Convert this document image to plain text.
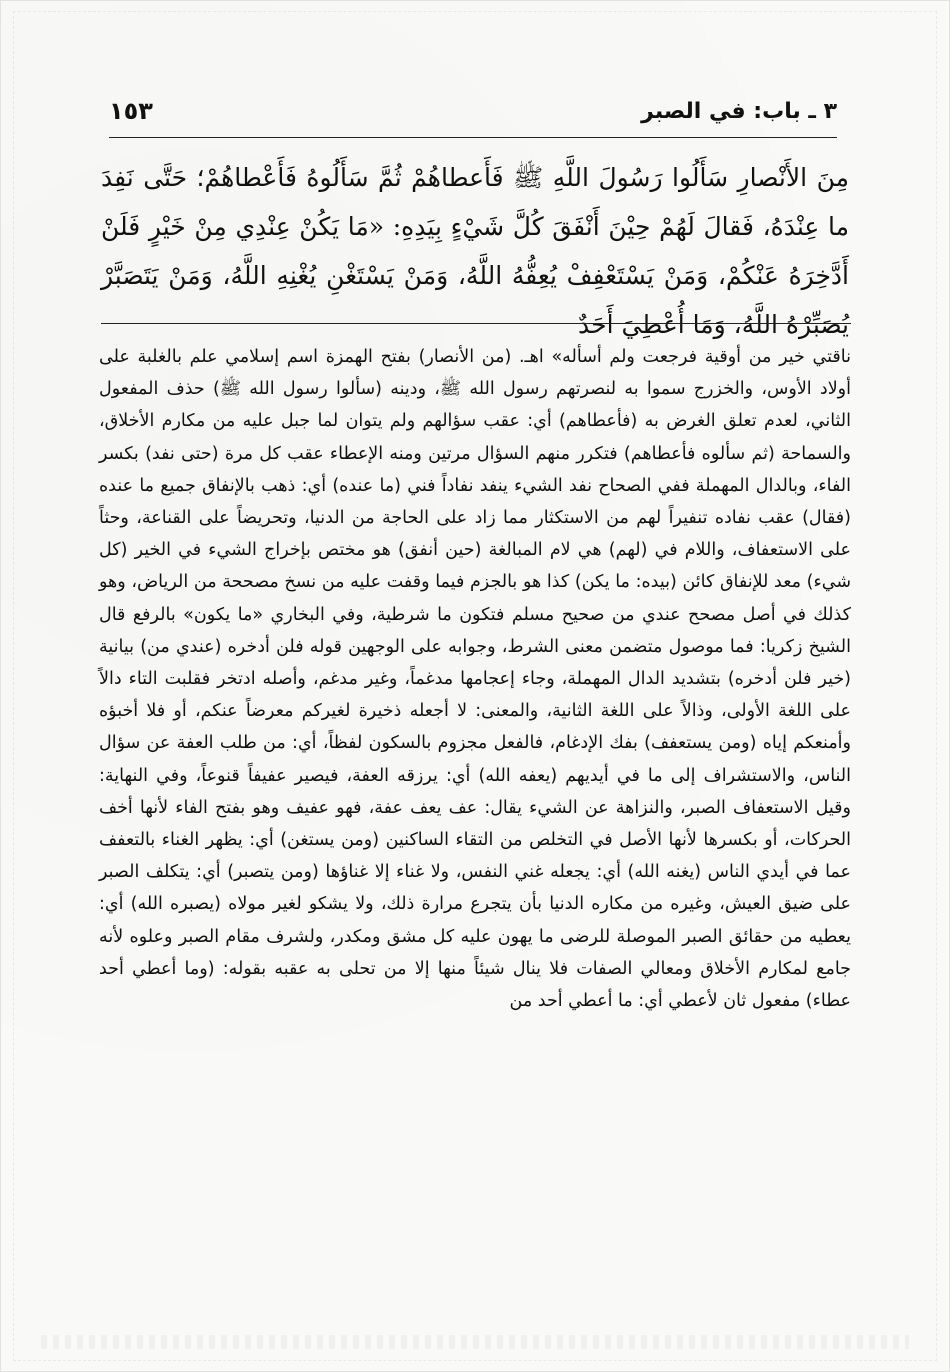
٣ ـ باب: في الصبر
١٥٣
مِنَ الأَنْصارِ سَأَلُوا رَسُولَ اللَّهِ ﷺ فَأَعطاهُمْ ثُمَّ سَأَلُوهُ فَأَعْطاهُمْ؛ حَتَّى نَفِدَ ما عِنْدَهُ، فَقالَ لَهُمْ حِيْنَ أَنْفَقَ كُلَّ شَيْءٍ بِيَدِهِ: «مَا يَكُنْ عِنْدِي مِنْ خَيْرٍ فَلَنْ أَدَّخِرَهُ عَنْكُمْ، وَمَنْ يَسْتَعْفِفْ يُعِفُّهُ اللَّهُ، وَمَنْ يَسْتَغْنِ يُغْنِهِ اللَّهُ، وَمَنْ يَتَصَبَّرْ يُصَبِّرْهُ اللَّهُ، وَمَا أُعْطِيَ أَحَدٌ

ناقتي خير من أوقية فرجعت ولم أسأله» اهـ. (من الأنصار) بفتح الهمزة اسم إسلامي علم بالغلبة على أولاد الأوس، والخزرج سموا به لنصرتهم رسول الله ﷺ، ودينه (سألوا رسول الله ﷺ) حذف المفعول الثاني، لعدم تعلق الغرض به (فأعطاهم) أي: عقب سؤالهم ولم يتوان لما جبل عليه من مكارم الأخلاق، والسماحة (ثم سألوه فأعطاهم) فتكرر منهم السؤال مرتين ومنه الإعطاء عقب كل مرة (حتى نفد) بكسر الفاء، وبالدال المهملة ففي الصحاح نفد الشيء ينفد نفاداً فني (ما عنده) أي: ذهب بالإنفاق جميع ما عنده (فقال) عقب نفاده تنفيراً لهم من الاستكثار مما زاد على الحاجة من الدنيا، وتحريضاً على القناعة، وحثاً على الاستعفاف، واللام في (لهم) هي لام المبالغة (حين أنفق) هو مختص بإخراج الشيء في الخير (كل شيء) معد للإنفاق كائن (بيده: ما يكن) كذا هو بالجزم فيما وقفت عليه من نسخ مصححة من الرياض، وهو كذلك في أصل مصحح عندي من صحيح مسلم فتكون ما شرطية، وفي البخاري «ما يكون» بالرفع قال الشيخ زكريا: فما موصول متضمن معنى الشرط، وجوابه على الوجهين قوله فلن أدخره (عندي من) بيانية (خير فلن أدخره) بتشديد الدال المهملة، وجاء إعجامها مدغماً، وغير مدغم، وأصله ادتخر فقلبت التاء دالاً على اللغة الأولى، وذالاً على اللغة الثانية، والمعنى: لا أجعله ذخيرة لغيركم معرضاً عنكم، أو فلا أخبؤه وأمنعكم إياه (ومن يستعفف) بفك الإدغام، فالفعل مجزوم بالسكون لفظاً، أي: من طلب العفة عن سؤال الناس، والاستشراف إلى ما في أيديهم (يعفه الله) أي: يرزقه العفة، فيصير عفيفاً قنوعاً، وفي النهاية: وقيل الاستعفاف الصبر، والنزاهة عن الشيء يقال: عف يعف عفة، فهو عفيف وهو بفتح الفاء لأنها أخف الحركات، أو بكسرها لأنها الأصل في التخلص من التقاء الساكنين (ومن يستغن) أي: يظهر الغناء بالتعفف عما في أيدي الناس (يغنه الله) أي: يجعله غني النفس، ولا غناء إلا غناؤها (ومن يتصبر) أي: يتكلف الصبر على ضيق العيش، وغيره من مكاره الدنيا بأن يتجرع مرارة ذلك، ولا يشكو لغير مولاه (يصبره الله) أي: يعطيه من حقائق الصبر الموصلة للرضى ما يهون عليه كل مشق ومكدر، ولشرف مقام الصبر وعلوه لأنه جامع لمكارم الأخلاق ومعالي الصفات فلا ينال شيئاً منها إلا من تحلى به عقبه بقوله: (وما أعطي أحد عطاء) مفعول ثان لأعطي أي: ما أعطي أحد من
